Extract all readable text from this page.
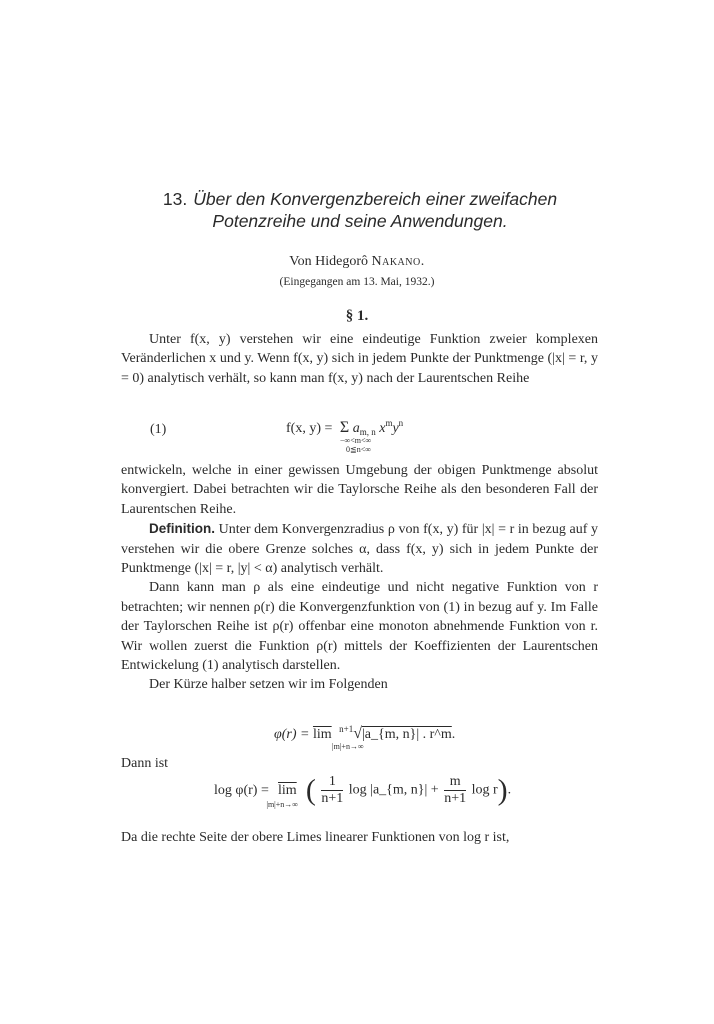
13. Über den Konvergenzbereich einer zweifachen
Potenzreihe und seine Anwendungen.
Von Hidegorô Nakano.
(Eingegangen am 13. Mai, 1932.)
§ 1.

Unter f(x, y) verstehen wir eine eindeutige Funktion zweier komplexen Veränderlichen x und y. Wenn f(x, y) sich in jedem Punkte der Punktmenge (|x| = r, y = 0) analytisch verhält, so kann man f(x, y) nach der Laurentschen Reihe

(1)	f(x, y) = Σ $a_{m, n}$ $x^my^n$
−∞<m<∞
0≦n<∞

entwickeln, welche in einer gewissen Umgebung der obigen Punktmenge absolut konvergiert. Dabei betrachten wir die Taylorsche Reihe als den besonderen Fall der Laurentschen Reihe.

Definition. Unter dem Konvergenzradius ρ von f(x, y) für |x| = r in bezug auf y verstehen wir die obere Grenze solches α, dass f(x, y) sich in jedem Punkte der Punktmenge (|x| = r, |y| < α) analytisch verhält.

Dann kann man ρ als eine eindeutige und nicht negative Funktion von r betrachten; wir nennen ρ(r) die Konvergenzfunktion von (1) in bezug auf y. Im Falle der Taylorschen Reihe ist ρ(r) offenbar eine monoton abnehmende Funktion von r. Wir wollen zuerst die Funktion ρ(r) mittels der Koeffizienten der Laurentschen Entwickelung (1) analytisch darstellen.

Der Kürze halber setzen wir im Folgenden

$\varphi(r) = \overline{lim}$ $^{n+1}$√|a_{m, n}| . r^m.
|m|+n→∞

Dann ist

$\log \varphi(r) = \overline{lim}$
|m|+n→∞ ( $\frac{1}{n+1}$ log |a_{m, $n\}| + \frac{m}{n+1}$ log r).

Da die rechte Seite der obere Limes linearer Funktionen von log r ist,
